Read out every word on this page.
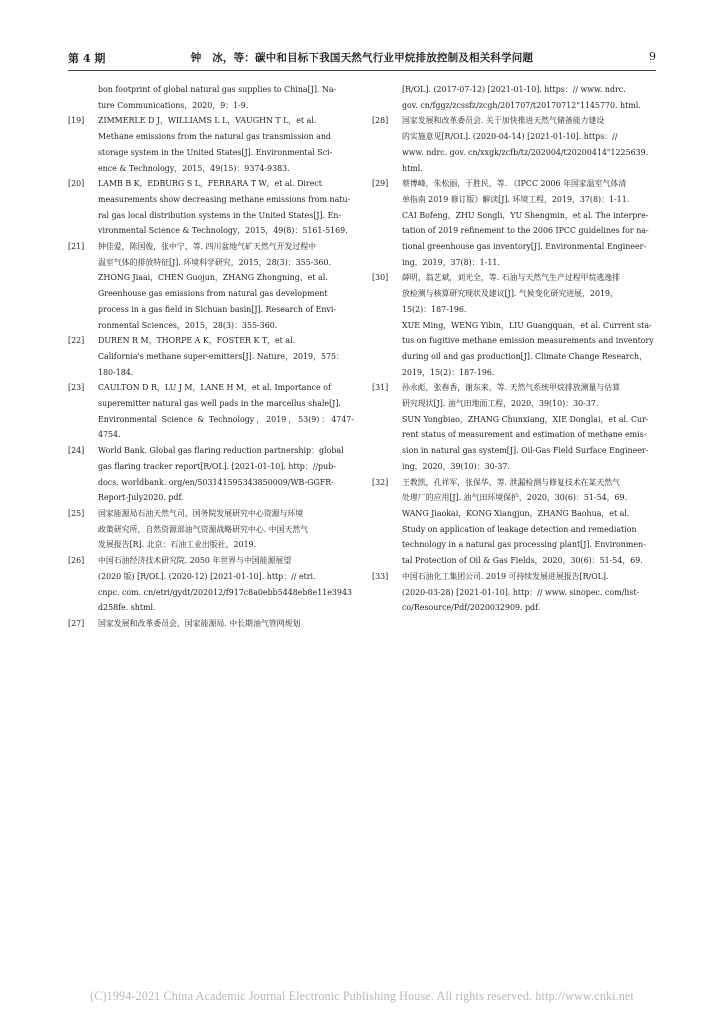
第 4 期	钟　冰，等：碳中和目标下我国天然气行业甲烷排放控制及相关科学问题	9
bon footprint of global natural gas supplies to China[J]. Na-
ture Communications，2020，9：1-9.
[19]	ZIMMERLE D J，WILLIAMS L L，VAUGHN T L，et al.
Methane emissions from the natural gas transmission and
storage system in the United States[J]. Environmental Sci-
ence & Technology，2015，49(15)：9374-9383.
[20]	LAMB B K，EDBURG S L，FERRARA T W，et al. Direct
measurements show decreasing methane emissions from natu-
ral gas local distribution systems in the United States[J]. En-
vironmental Science & Technology，2015，49(8)：5161-5169.
[21]	钟佳爱，陈国俊，张中宁，等. 四川盆地气矿天然气开发过程中
温室气体的排放特征[J]. 环境科学研究，2015，28(3)：355-360.
ZHONG Jiaai，CHEN Guojun，ZHANG Zhongning，et al.
Greenhouse gas emissions from natural gas development
process in a gas field in Sichuan basin[J]. Research of Envi-
ronmental Sciences，2015，28(3)：355-360.
[22]	DUREN R M，THORPE A K，FOSTER K T，et al.
California's methane super-emitters[J]. Nature，2019，575：
180-184.
[23]	CAULTON D R，LU J M，LANE H M，et al. Importance of
superemitter natural gas well pads in the marcellus shale[J].
Environmental Science & Technology，2019，53(9)：4747-4754.
[24]	World Bank. Global gas flaring reduction partnership：global
gas flaring tracker report[R/OL]. [2021-01-10]. http：//pub-
docs. worldbank. org/en/503141595343850009/WB-GGFR-
Report-July2020. pdf.
[25]	国家能源局石油天然气司，国务院发展研究中心资源与环境
政策研究所，自然资源部油气资源战略研究中心. 中国天然气
发展报告[R]. 北京：石油工业出版社，2019.
[26]	中国石油经济技术研究院. 2050 年世界与中国能源展望
(2020 版) [R/OL]. (2020-12) [2021-01-10]. http：// etri.
cnpc. com. cn/etri/gydt/202012/f917c8a0ebb5448eb8e11e3943
d258fe. shtml.
[27]	国家发展和改革委员会，国家能源局. 中长期油气管网规划
[R/OL]. (2017-07-12) [2021-01-10]. https：// www. ndrc.
gov. cn/fggz/zcssfz/zcgh/201707/t20170712"1145770. html.
[28]	国家发展和改革委员会. 关于加快推进天然气储备能力建设
的实施意见[R/OL]. (2020-04-14) [2021-01-10]. https：//
www. ndrc. gov. cn/xxgk/zcfb/tz/202004/t20200414"1225639.
html.
[29]	蔡博峰，朱松丽，于胜民，等. 《IPCC 2006 年国家温室气体清
单指南 2019 修订版》解读[J]. 环境工程，2019，37(8)：1-11.
CAI Bofeng，ZHU Songli，YU Shengmin，et al. The interpre-
tation of 2019 refinement to the 2006 IPCC guidelines for na-
tional greenhouse gas inventory[J]. Environmental Engineer-
ing，2019，37(8)：1-11.
[30]	薛明，翁艺斌，刘光全，等. 石油与天然气生产过程甲烷逃逸排
放检测与核算研究现状及建议[J]. 气候变化研究进展，2019，
15(2)：187-196.
XUE Ming，WENG Yibin，LIU Guangquan，et al. Current sta-
tus on fugitive methane emission measurements and inventory
during oil and gas production[J]. Climate Change Research，
2019，15(2)：187-196.
[31]	孙永彪，张春香，谢东来，等. 天然气系统甲烷排放测量与估算
研究现状[J]. 油气田地面工程，2020，39(10)：30-37.
SUN Yongbiao，ZHANG Chunxiang，XIE Donglai，et al. Cur-
rent status of measurement and estimation of methane emis-
sion in natural gas system[J]. Oil-Gas Field Surface Engineer-
ing，2020，39(10)：30-37.
[32]	王教凯，孔祥军，张保华，等. 泄漏检测与修复技术在某天然气
处理厂的应用[J]. 油气田环境保护，2020，30(6)：51-54，69.
WANG Jiaokai，KONG Xiangjun，ZHANG Baohua，et al.
Study on application of leakage detection and remediation
technology in a natural gas processing plant[J]. Environmen-
tal Protection of Oil & Gas Fields，2020，30(6)：51-54，69.
[33]	中国石油化工集团公司. 2019 可持续发展进展报告[R/OL].
(2020-03-28) [2021-01-10]. http：// www. sinopec. com/list-
co/Resource/Pdf/2020032909. pdf.
(C)1994-2021 China Academic Journal Electronic Publishing House. All rights reserved. http://www.cnki.net
